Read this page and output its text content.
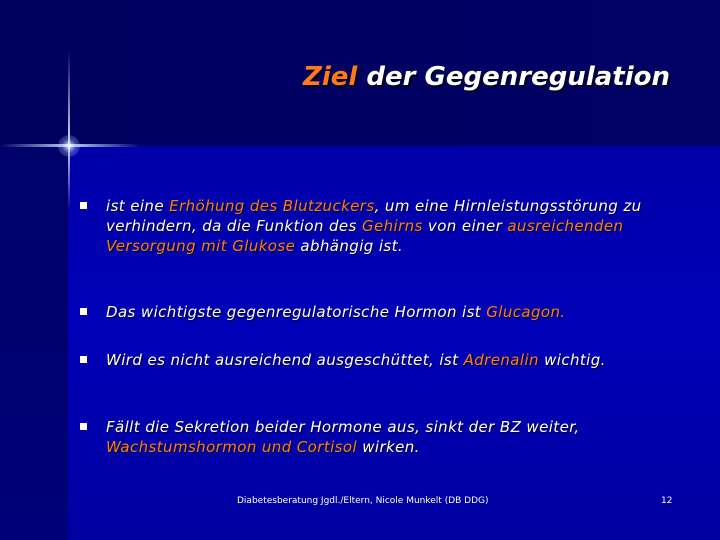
Ziel der Gegenregulation
ist eine Erhöhung des Blutzuckers, um eine Hirnleistungsstörung zu verhindern, da die Funktion des Gehirns von einer ausreichenden Versorgung mit Glukose abhängig ist.
Das wichtigste gegenregulatorische Hormon ist Glucagon.
Wird es nicht ausreichend ausgeschüttet, ist Adrenalin wichtig.
Fällt die Sekretion beider Hormone aus, sinkt der BZ weiter, Wachstumshormon und Cortisol wirken.
Diabetesberatung Jgdl./Eltern, Nicole Munkelt (DB DDG)	12
